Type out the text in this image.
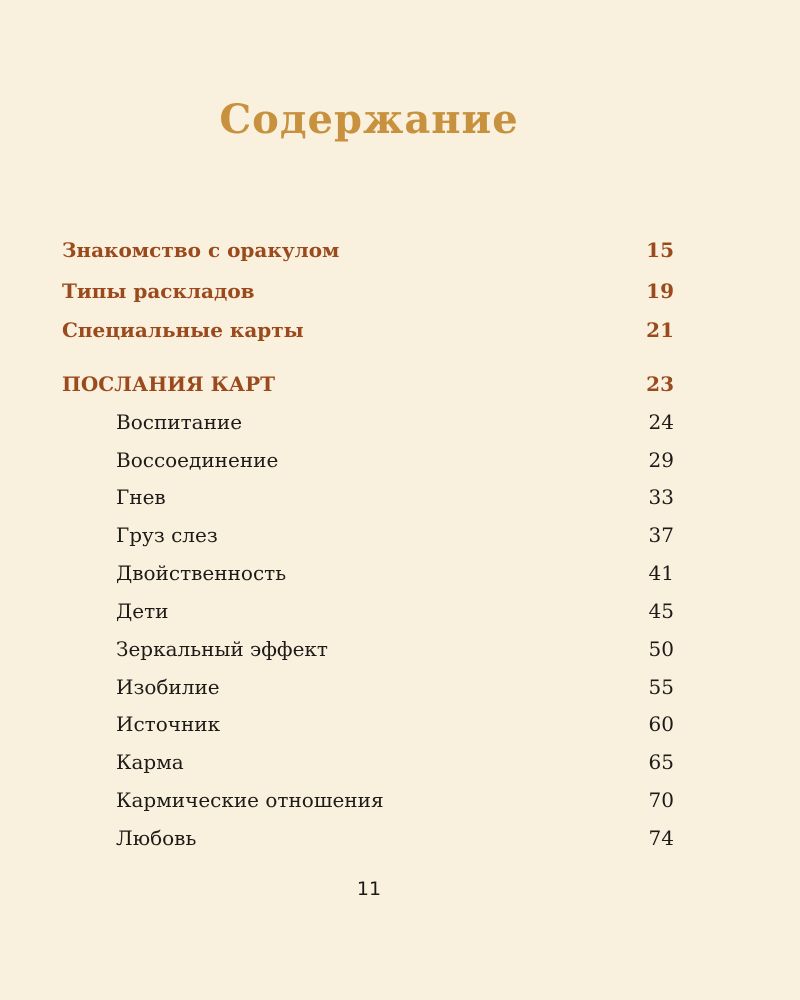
Содержание
Знакомство с оракулом	15
Типы раскладов	19
Специальные карты	21
ПОСЛАНИЯ КАРТ	23
Воспитание	24
Воссоединение	29
Гнев	33
Груз слез	37
Двойственность	41
Дети	45
Зеркальный эффект	50
Изобилие	55
Источник	60
Карма	65
Кармические отношения	70
Любовь	74
11
